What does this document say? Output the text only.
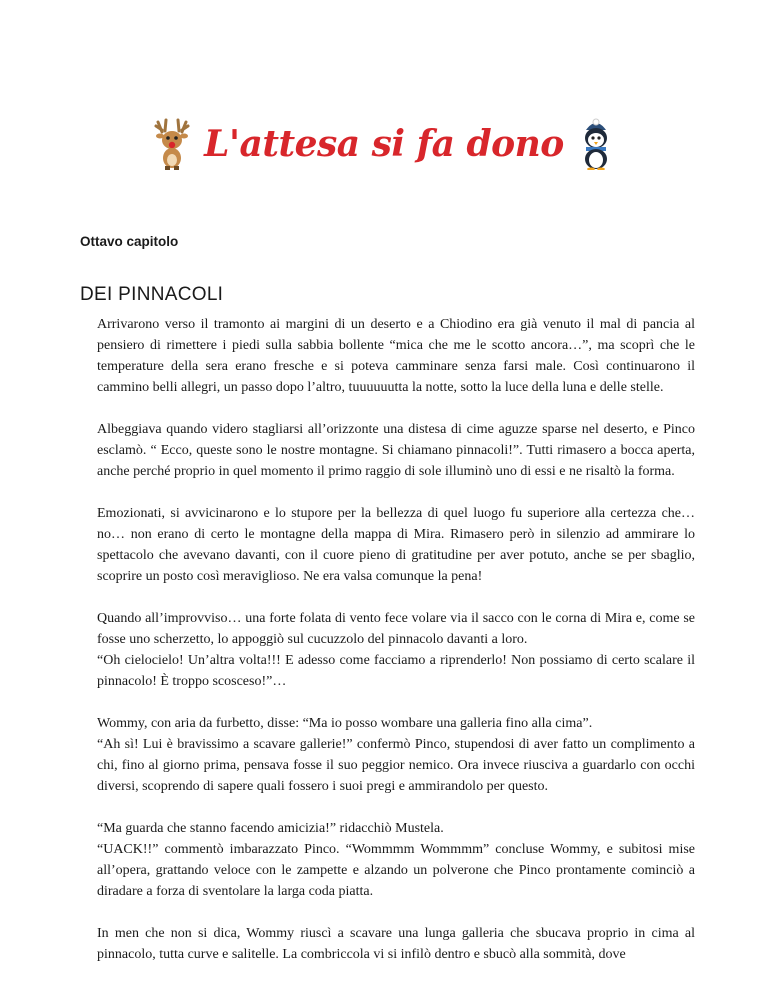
L'attesa si fa dono
Ottavo capitolo
DEI PINNACOLI

Arrivarono verso il tramonto ai margini di un deserto e a Chiodino era già venuto il mal di pancia al pensiero di rimettere i piedi sulla sabbia bollente “mica che me le scotto ancora…”, ma scoprì che le temperature della sera erano fresche e si poteva camminare senza farsi male. Così continuarono il cammino belli allegri, un passo dopo l’altro, tuuuuuutta la notte, sotto la luce della luna e delle stelle.

Albeggiava quando videro stagliarsi all’orizzonte una distesa di cime aguzze sparse nel deserto, e Pinco esclamò. “ Ecco, queste sono le nostre montagne. Si chiamano pinnacoli!”. Tutti rimasero a bocca aperta, anche perché proprio in quel momento il primo raggio di sole illuminò uno di essi e ne risaltò la forma.

Emozionati, si avvicinarono e lo stupore per la bellezza di quel luogo fu superiore alla certezza che… no… non erano di certo le montagne della mappa di Mira. Rimasero però in silenzio ad ammirare lo spettacolo che avevano davanti, con il cuore pieno di gratitudine per aver potuto, anche se per sbaglio, scoprire un posto così meraviglioso. Ne era valsa comunque la pena!

Quando all’improvviso… una forte folata di vento fece volare via il sacco con le corna di Mira e, come se fosse uno scherzetto, lo appoggiò sul cucuzzolo del pinnacolo davanti a loro.
“Oh cielocielo! Un’altra volta!!! E adesso come facciamo a riprenderlo! Non possiamo di certo scalare il pinnacolo! È troppo scosceso!”…

Wommy, con aria da furbetto, disse: “Ma io posso wombare una galleria fino alla cima”.
“Ah sì! Lui è bravissimo a scavare gallerie!” confermò Pinco, stupendosi di aver fatto un complimento a chi, fino al giorno prima, pensava fosse il suo peggior nemico. Ora invece riusciva a guardarlo con occhi diversi, scoprendo di sapere quali fossero i suoi pregi e ammirandolo per questo.

“Ma guarda che stanno facendo amicizia!” ridacchiò Mustela.
“UACK!!” commentò imbarazzato Pinco. “Wommmm Wommmm” concluse Wommy, e subitosi mise all’opera, grattando veloce con le zampette e alzando un polverone che Pinco prontamente cominciò a diradare a forza di sventolare la larga coda piatta.

In men che non si dica, Wommy riuscì a scavare una lunga galleria che sbucava proprio in cima al pinnacolo, tutta curve e salitelle. La combriccola vi si infilò dentro e sbucò alla sommità, dove
